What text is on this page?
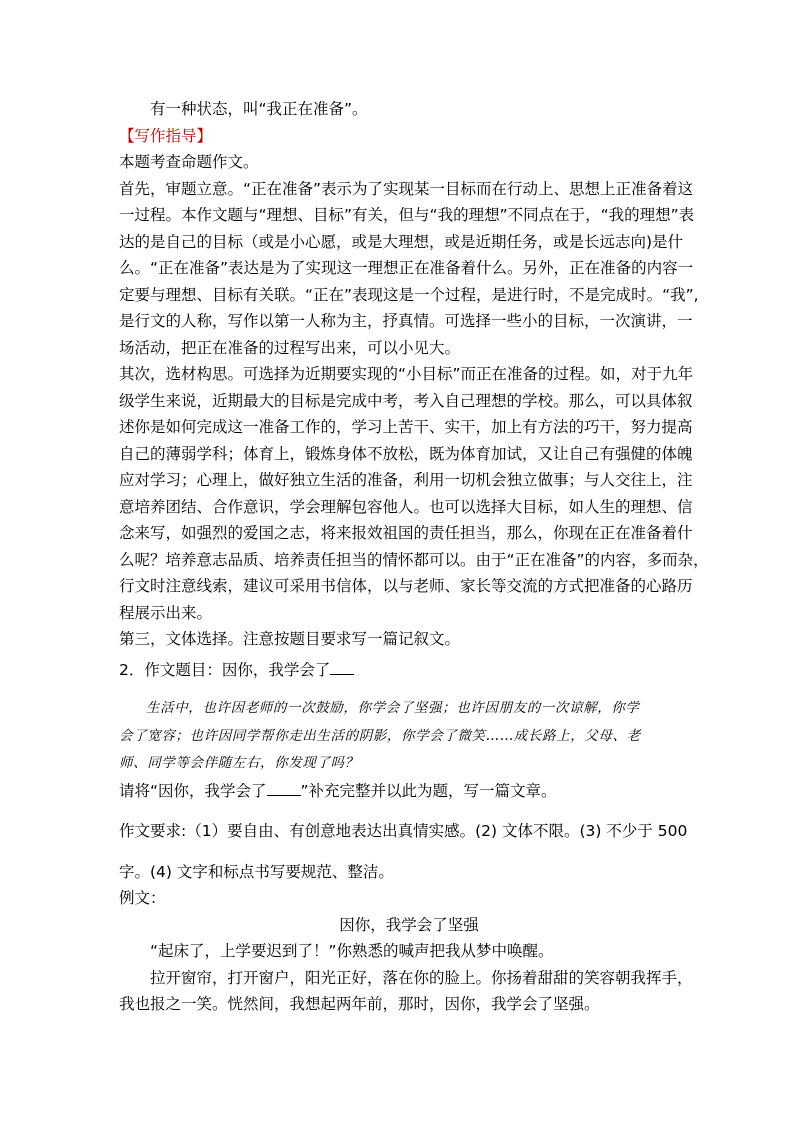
有一种状态，叫“我正在准备”。

【写作指导】

本题考查命题作文。

首先，审题立意。“正在准备”表示为了实现某一目标而在行动上、思想上正准备着这

一过程。本作文题与“理想、目标”有关，但与“我的理想”不同点在于，“我的理想”表

达的是自己的目标（或是小心愿，或是大理想，或是近期任务，或是长远志向)是什

么。“正在准备”表达是为了实现这一理想正在准备着什么。另外，正在准备的内容一

定要与理想、目标有关联。“正在”表现这是一个过程，是进行时，不是完成时。“我”,

是行文的人称，写作以第一人称为主，抒真情。可选择一些小的目标，一次演讲，一

场活动，把正在准备的过程写出来，可以小见大。

其次，选材构思。可选择为近期要实现的“小目标”而正在准备的过程。如，对于九年

级学生来说，近期最大的目标是完成中考，考入自己理想的学校。那么，可以具体叙

述你是如何完成这一准备工作的，学习上苦干、实干，加上有方法的巧干，努力提高

自己的薄弱学科；体育上，锻炼身体不放松，既为体育加试，又让自己有强健的体魄

应对学习；心理上，做好独立生活的准备，利用一切机会独立做事；与人交往上，注

意培养团结、合作意识，学会理解包容他人。也可以选择大目标，如人生的理想、信

念来写，如强烈的爱国之志，将来报效祖国的责任担当，那么，你现在正在准备着什

么呢？培养意志品质、培养责任担当的情怀都可以。由于“正在准备”的内容，多而杂，

行文时注意线索，建议可采用书信体，以与老师、家长等交流的方式把准备的心路历

程展示出来。

第三，文体选择。注意按题目要求写一篇记叙文。

2．作文题目：因你，我学会了

生活中，也许因老师的一次鼓励，你学会了坚强；也许因朋友的一次谅解，你学

会了宽容；也许因同学帮你走出生活的阴影，你学会了微笑……成长路上，父母、老

师、同学等会伴随左右，你发现了吗？

请将“因你，我学会了 ”补充完整并以此为题，写一篇文章。

作文要求:（1）要自由、有创意地表达出真情实感。(2) 文体不限。(3) 不少于 500

字。(4) 文字和标点书写要规范、整洁。

例文：

因你，我学会了坚强

“起床了，上学要迟到了！”你熟悉的喊声把我从梦中唤醒。

拉开窗帘，打开窗户，阳光正好，落在你的脸上。你扬着甜甜的笑容朝我挥手，

我也报之一笑。恍然间，我想起两年前，那时，因你，我学会了坚强。
